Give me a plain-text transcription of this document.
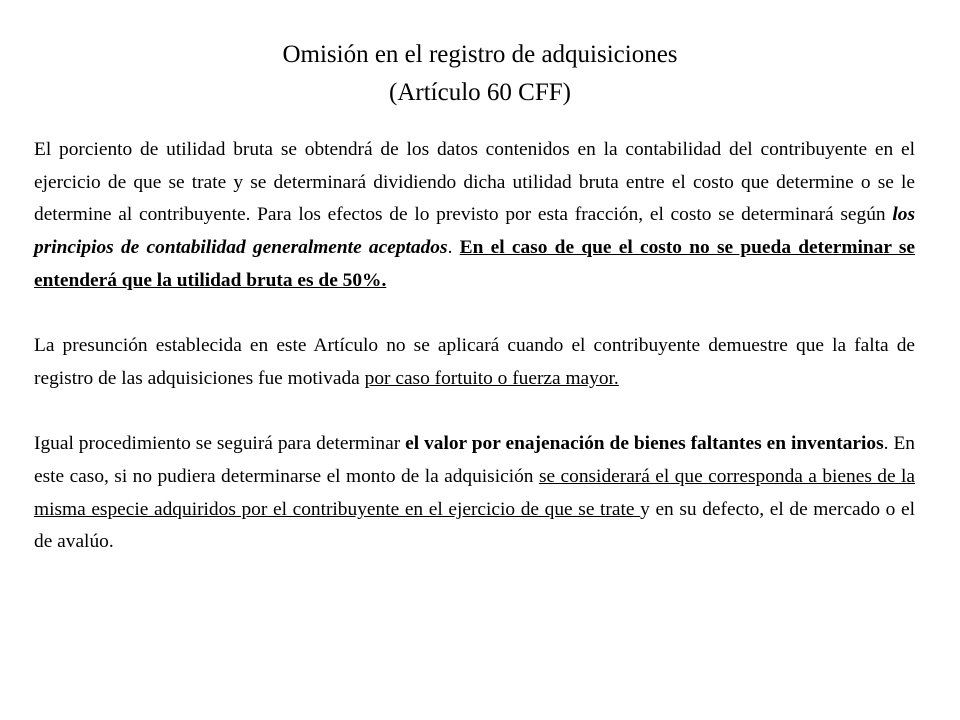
Omisión en el registro de adquisiciones
(Artículo 60 CFF)

El porciento de utilidad bruta se obtendrá de los datos contenidos en la contabilidad del contribuyente en el ejercicio de que se trate y se determinará dividiendo dicha utilidad bruta entre el costo que determine o se le determine al contribuyente. Para los efectos de lo previsto por esta fracción, el costo se determinará según los principios de contabilidad generalmente aceptados. En el caso de que el costo no se pueda determinar se entenderá que la utilidad bruta es de 50%.

La presunción establecida en este Artículo no se aplicará cuando el contribuyente demuestre que la falta de registro de las adquisiciones fue motivada por caso fortuito o fuerza mayor.

Igual procedimiento se seguirá para determinar el valor por enajenación de bienes faltantes en inventarios. En este caso, si no pudiera determinarse el monto de la adquisición se considerará el que corresponda a bienes de la misma especie adquiridos por el contribuyente en el ejercicio de que se trate y en su defecto, el de mercado o el de avalúo.
